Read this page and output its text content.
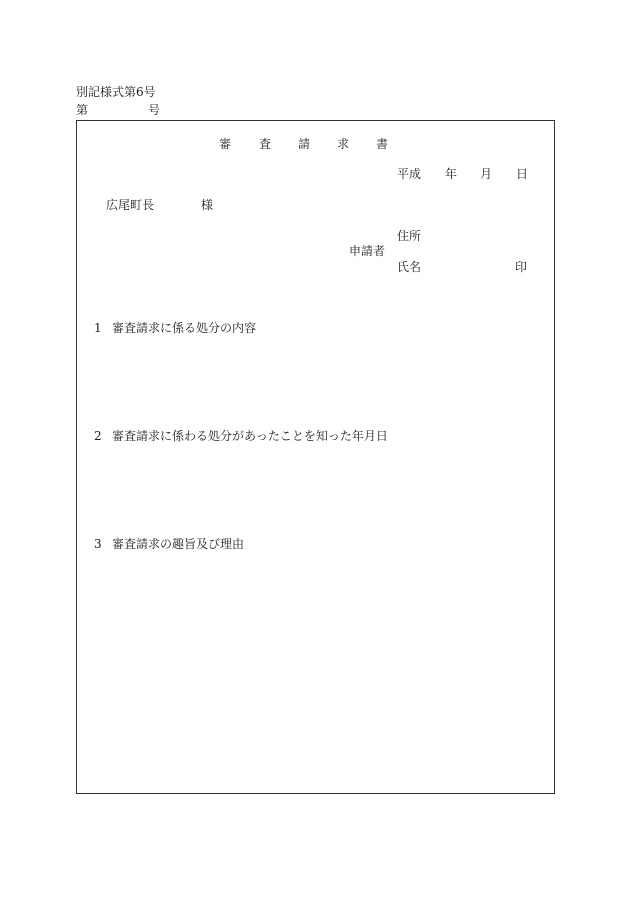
別記様式第6号
第	号
審 査 請 求 書
平成 年 月 日
広尾町長	様
住所
申請者
氏名	印
1 審査請求に係る処分の内容
2 審査請求に係わる処分があったことを知った年月日
3 審査請求の趣旨及び理由
